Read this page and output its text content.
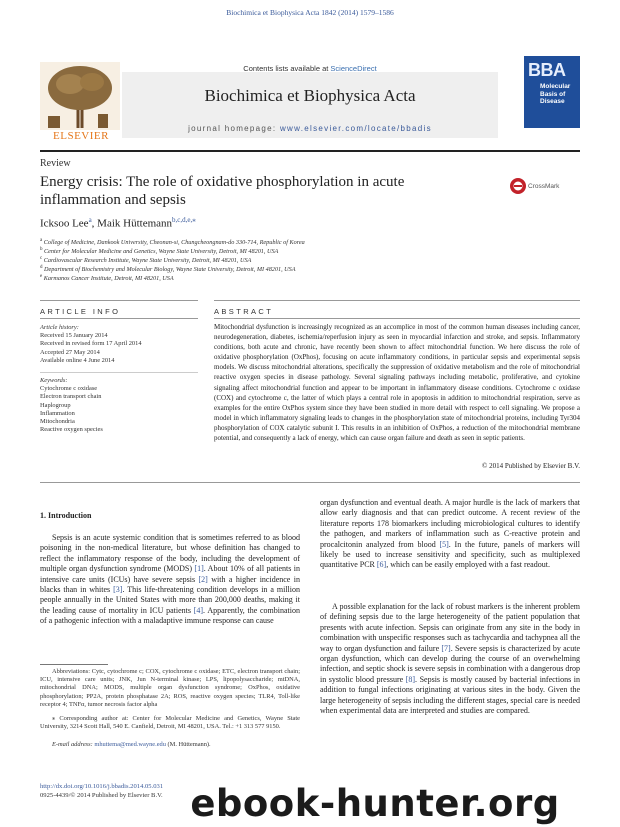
Biochimica et Biophysica Acta 1842 (2014) 1579–1586
ELSEVIER
Contents lists available at ScienceDirect
Biochimica et Biophysica Acta
journal homepage: www.elsevier.com/locate/bbadis
BBA
Molecular Basis of Disease
Review
Energy crisis: The role of oxidative phosphorylation in acute inflammation and sepsis
CrossMark
Icksoo Lee$^a$, Maik Hüttemann$^{b,c,d,e,⁎}$
$^a$ College of Medicine, Dankook University, Cheonan-si, Chungcheongnam-do 330-714, Republic of Korea
$^b$ Center for Molecular Medicine and Genetics, Wayne State University, Detroit, MI 48201, USA
$^c$ Cardiovascular Research Institute, Wayne State University, Detroit, MI 48201, USA
$^d$ Department of Biochemistry and Molecular Biology, Wayne State University, Detroit, MI 48201, USA
$^e$ Karmanos Cancer Institute, Detroit, MI 48201, USA
ARTICLE INFO
Article history:
Received 15 January 2014
Received in revised form 17 April 2014
Accepted 27 May 2014
Available online 4 June 2014
Keywords:
Cytochrome c oxidase
Electron transport chain
Haplogroup
Inflammation
Mitochondria
Reactive oxygen species
ABSTRACT
Mitochondrial dysfunction is increasingly recognized as an accomplice in most of the common human diseases including cancer, neurodegeneration, diabetes, ischemia/reperfusion injury as seen in myocardial infarction and stroke, and sepsis. Inflammatory conditions, both acute and chronic, have recently been shown to affect mitochondrial function. We here discuss the role of oxidative phosphorylation (OxPhos), focusing on acute inflammatory conditions, in particular sepsis and experimental sepsis models. We discuss mitochondrial alterations, specifically the suppression of oxidative metabolism and the role of mitochondrial reactive oxygen species in disease pathology. Several signaling pathways including metabolic, proliferative, and cytokine signaling affect mitochondrial function and appear to be important in inflammatory disease conditions. Cytochrome c oxidase (COX) and cytochrome c, the latter of which plays a central role in apoptosis in addition to mitochondrial respiration, serve as examples for the entire OxPhos system since they have been studied in more detail with respect to cell signaling. We propose a model in which inflammatory signaling leads to changes in the phosphorylation state of mitochondrial proteins, including Tyr304 phosphorylation of COX catalytic subunit I. This results in an inhibition of OxPhos, a reduction of the mitochondrial membrane potential, and consequently a lack of energy, which can cause organ failure and death as seen in septic patients.
© 2014 Published by Elsevier B.V.
1. Introduction
Sepsis is an acute systemic condition that is sometimes referred to as blood poisoning in the non-medical literature, but whose definition has changed to reflect the inflammatory response of the body, including the development of multiple organ dysfunction syndrome (MODS) [1]. About 10% of all patients in intensive care units (ICUs) have severe sepsis [2] with a higher incidence in blacks than in whites [3]. This life-threatening condition develops in a million people annually in the United States with more than 200,000 deaths, making it the leading cause of mortality in ICU patients [4]. Apparently, the combination of a pathogenic infection with a maladaptive immune response can cause
organ dysfunction and eventual death. A major hurdle is the lack of markers that allow early diagnosis and that can predict outcome. A recent review of the literature reports 178 biomarkers including microbiological cultures to identify the pathogen, and markers of inflammation such as C-reactive protein and procalcitonin analyzed from blood [5]. In the future, panels of markers will likely be used to increase sensitivity and specificity, such as multiplexed quantitative PCR [6], which can be easily employed with a fast readout.
A possible explanation for the lack of robust markers is the inherent problem of defining sepsis due to the large heterogeneity of the patient population that presents with acute infection. Sepsis can originate from any site in the body in combination with unspecific responses such as tachycardia and tachypnea all the way to organ dysfunction and failure [7]. Severe sepsis is characterized by acute organ dysfunction, which can develop during the course of an overwhelming infection, and septic shock is severe sepsis in combination with a dangerous drop in systolic blood pressure [8]. Sepsis is mostly caused by bacterial infections in addition to fungal infections originating at various sites in the body. Given the large heterogeneity of sepsis including the different stages, special care is needed when experimental data are interpreted and studies are compared.
Abbreviations: Cytc, cytochrome c; COX, cytochrome c oxidase; ETC, electron transport chain; ICU, intensive care units; JNK, Jun N-terminal kinase; LPS, lipopolysaccharide; mtDNA, mitochondrial DNA; MODS, multiple organ dysfunction syndrome; OxPhos, oxidative phosphorylation; PP2A, protein phosphatase 2A; ROS, reactive oxygen species; TLR4, Toll-like receptor 4; TNFα, tumor necrosis factor alpha
⁎ Corresponding author at: Center for Molecular Medicine and Genetics, Wayne State University, 3214 Scott Hall, 540 E. Canfield, Detroit, MI 48201, USA. Tel.: +1 313 577 9150.
E-mail address: mhuttema@med.wayne.edu (M. Hüttemann).
http://dx.doi.org/10.1016/j.bbadis.2014.05.031
0925-4439/© 2014 Published by Elsevier B.V. ebook-hunter.org
